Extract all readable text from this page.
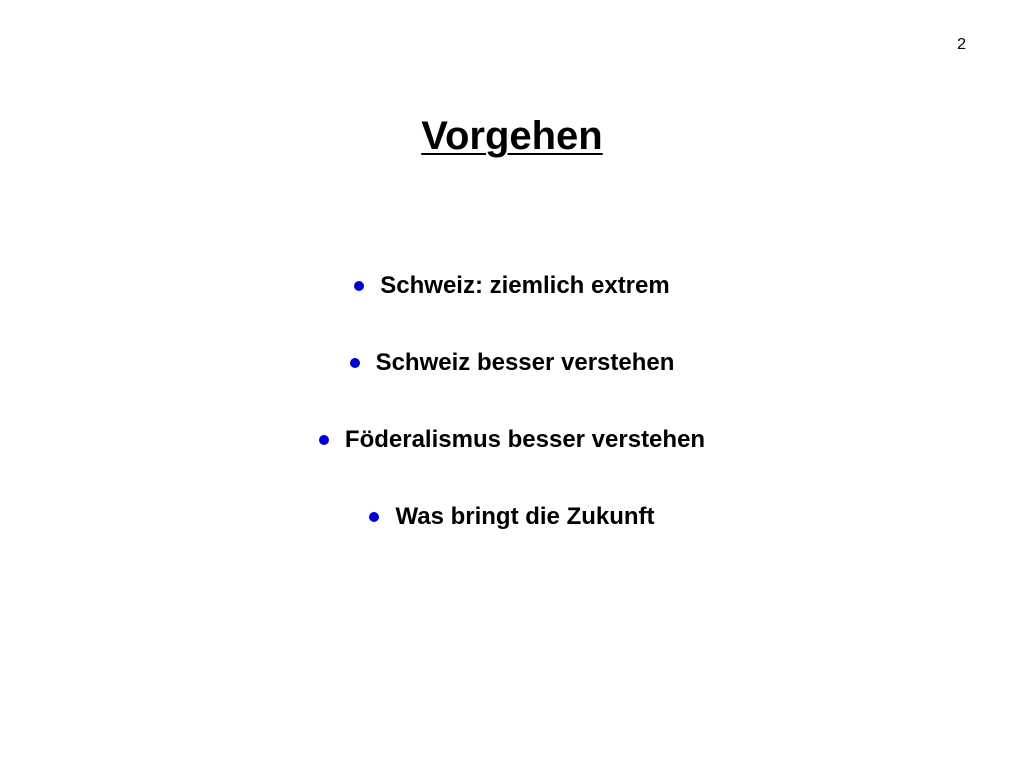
2
Vorgehen
Schweiz: ziemlich extrem
Schweiz besser verstehen
Föderalismus besser verstehen
Was bringt die Zukunft
